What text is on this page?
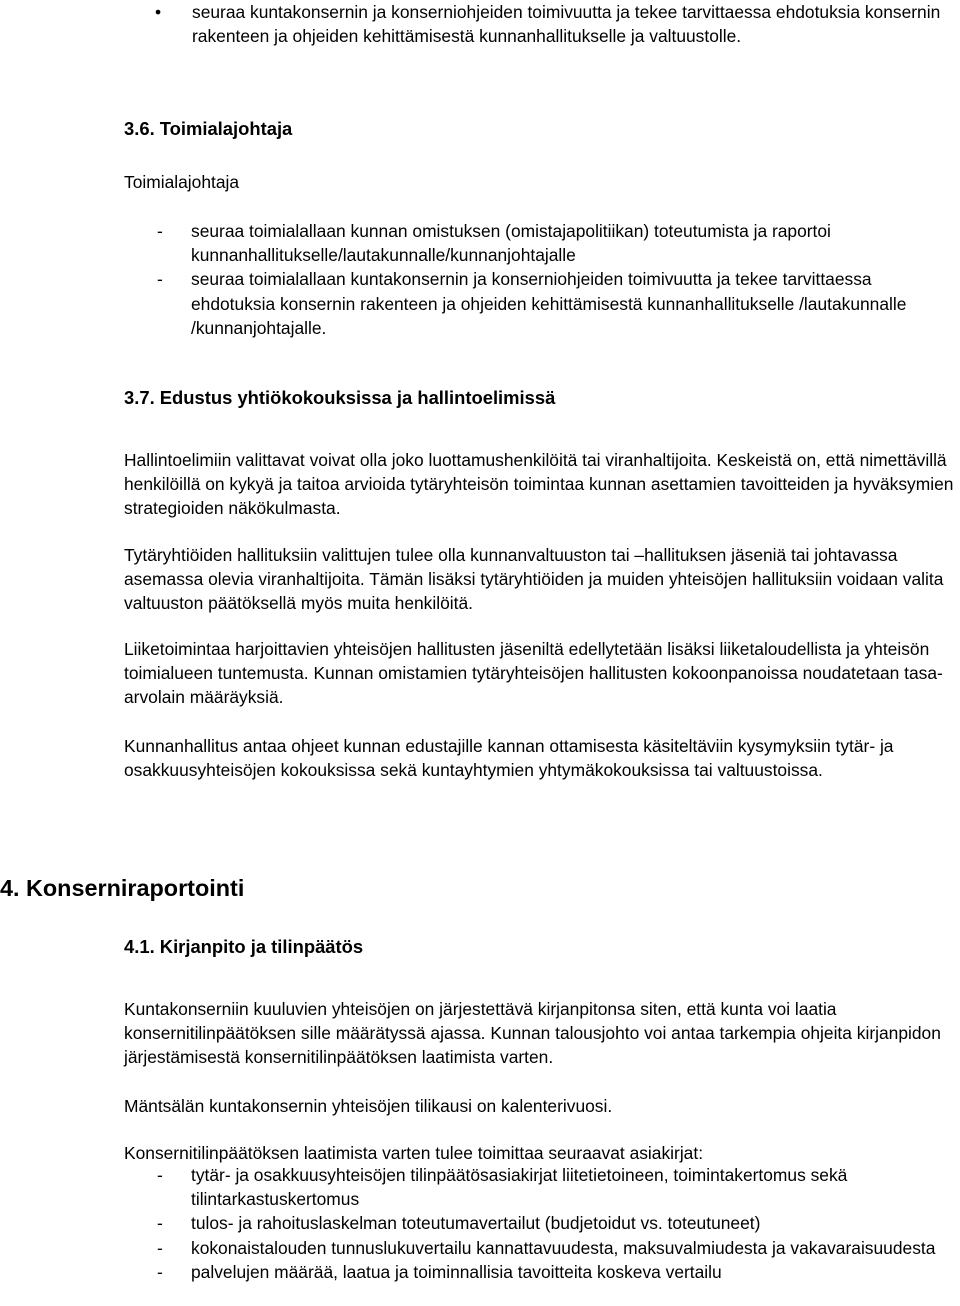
• seuraa kuntakonsernin ja konserniohjeiden toimivuutta ja tekee tarvittaessa ehdotuksia konsernin rakenteen ja ohjeiden kehittämisestä kunnanhallitukselle ja valtuustolle.
3.6. Toimialajohtaja

Toimialajohtaja

- seuraa toimialallaan kunnan omistuksen (omistajapolitiikan) toteutumista ja raportoi kunnanhallitukselle/lautakunnalle/kunnanjohtajalle
- seuraa toimialallaan kuntakonsernin ja konserniohjeiden toimivuutta ja tekee tarvittaessa ehdotuksia konsernin rakenteen ja ohjeiden kehittämisestä kunnanhallitukselle /lautakunnalle /kunnanjohtajalle.
3.7. Edustus yhtiökokouksissa ja hallintoelimissä

Hallintoelimiin valittavat voivat olla joko luottamushenkilöitä tai viranhaltijoita. Keskeistä on, että nimettävillä henkilöillä on kykyä ja taitoa arvioida tytäryhteisön toimintaa kunnan asettamien tavoitteiden ja hyväksymien strategioiden näkökulmasta.

Tytäryhtiöiden hallituksiin valittujen tulee olla kunnanvaltuuston tai –hallituksen jäseniä tai johtavassa asemassa olevia viranhaltijoita. Tämän lisäksi tytäryhtiöiden ja muiden yhteisöjen hallituksiin voidaan valita valtuuston päätöksellä myös muita henkilöitä.

Liiketoimintaa harjoittavien yhteisöjen hallitusten jäseniltä edellytetään lisäksi liiketaloudellista ja yhteisön toimialueen tuntemusta. Kunnan omistamien tytäryhteisöjen hallitusten kokoonpanoissa noudatetaan tasa-arvolain määräyksiä.

Kunnanhallitus antaa ohjeet kunnan edustajille kannan ottamisesta käsiteltäviin kysymyksiin tytär- ja osakkuusyhteisöjen kokouksissa sekä kuntayhtymien yhtymäkokouksissa tai valtuustoissa.

4. Konserniraportointi
4.1. Kirjanpito ja tilinpäätös

Kuntakonserniin kuuluvien yhteisöjen on järjestettävä kirjanpitonsa siten, että kunta voi laatia konsernitilinpäätöksen sille määrätyssä ajassa. Kunnan talousjohto voi antaa tarkempia ohjeita kirjanpidon järjestämisestä konsernitilinpäätöksen laatimista varten.

Mäntsälän kuntakonsernin yhteisöjen tilikausi on kalenterivuosi.

Konsernitilinpäätöksen laatimista varten tulee toimittaa seuraavat asiakirjat:

- tytär- ja osakkuusyhteisöjen tilinpäätösasiakirjat liitetietoineen, toimintakertomus sekä tilintarkastuskertomus
- tulos- ja rahoituslaskelman toteutumavertailut (budjetoidut vs. toteutuneet)
- kokonaistalouden tunnuslukuvertailu kannattavuudesta, maksuvalmiudesta ja vakavaraisuudesta
- palvelujen määrää, laatua ja toiminnallisia tavoitteita koskeva vertailu
